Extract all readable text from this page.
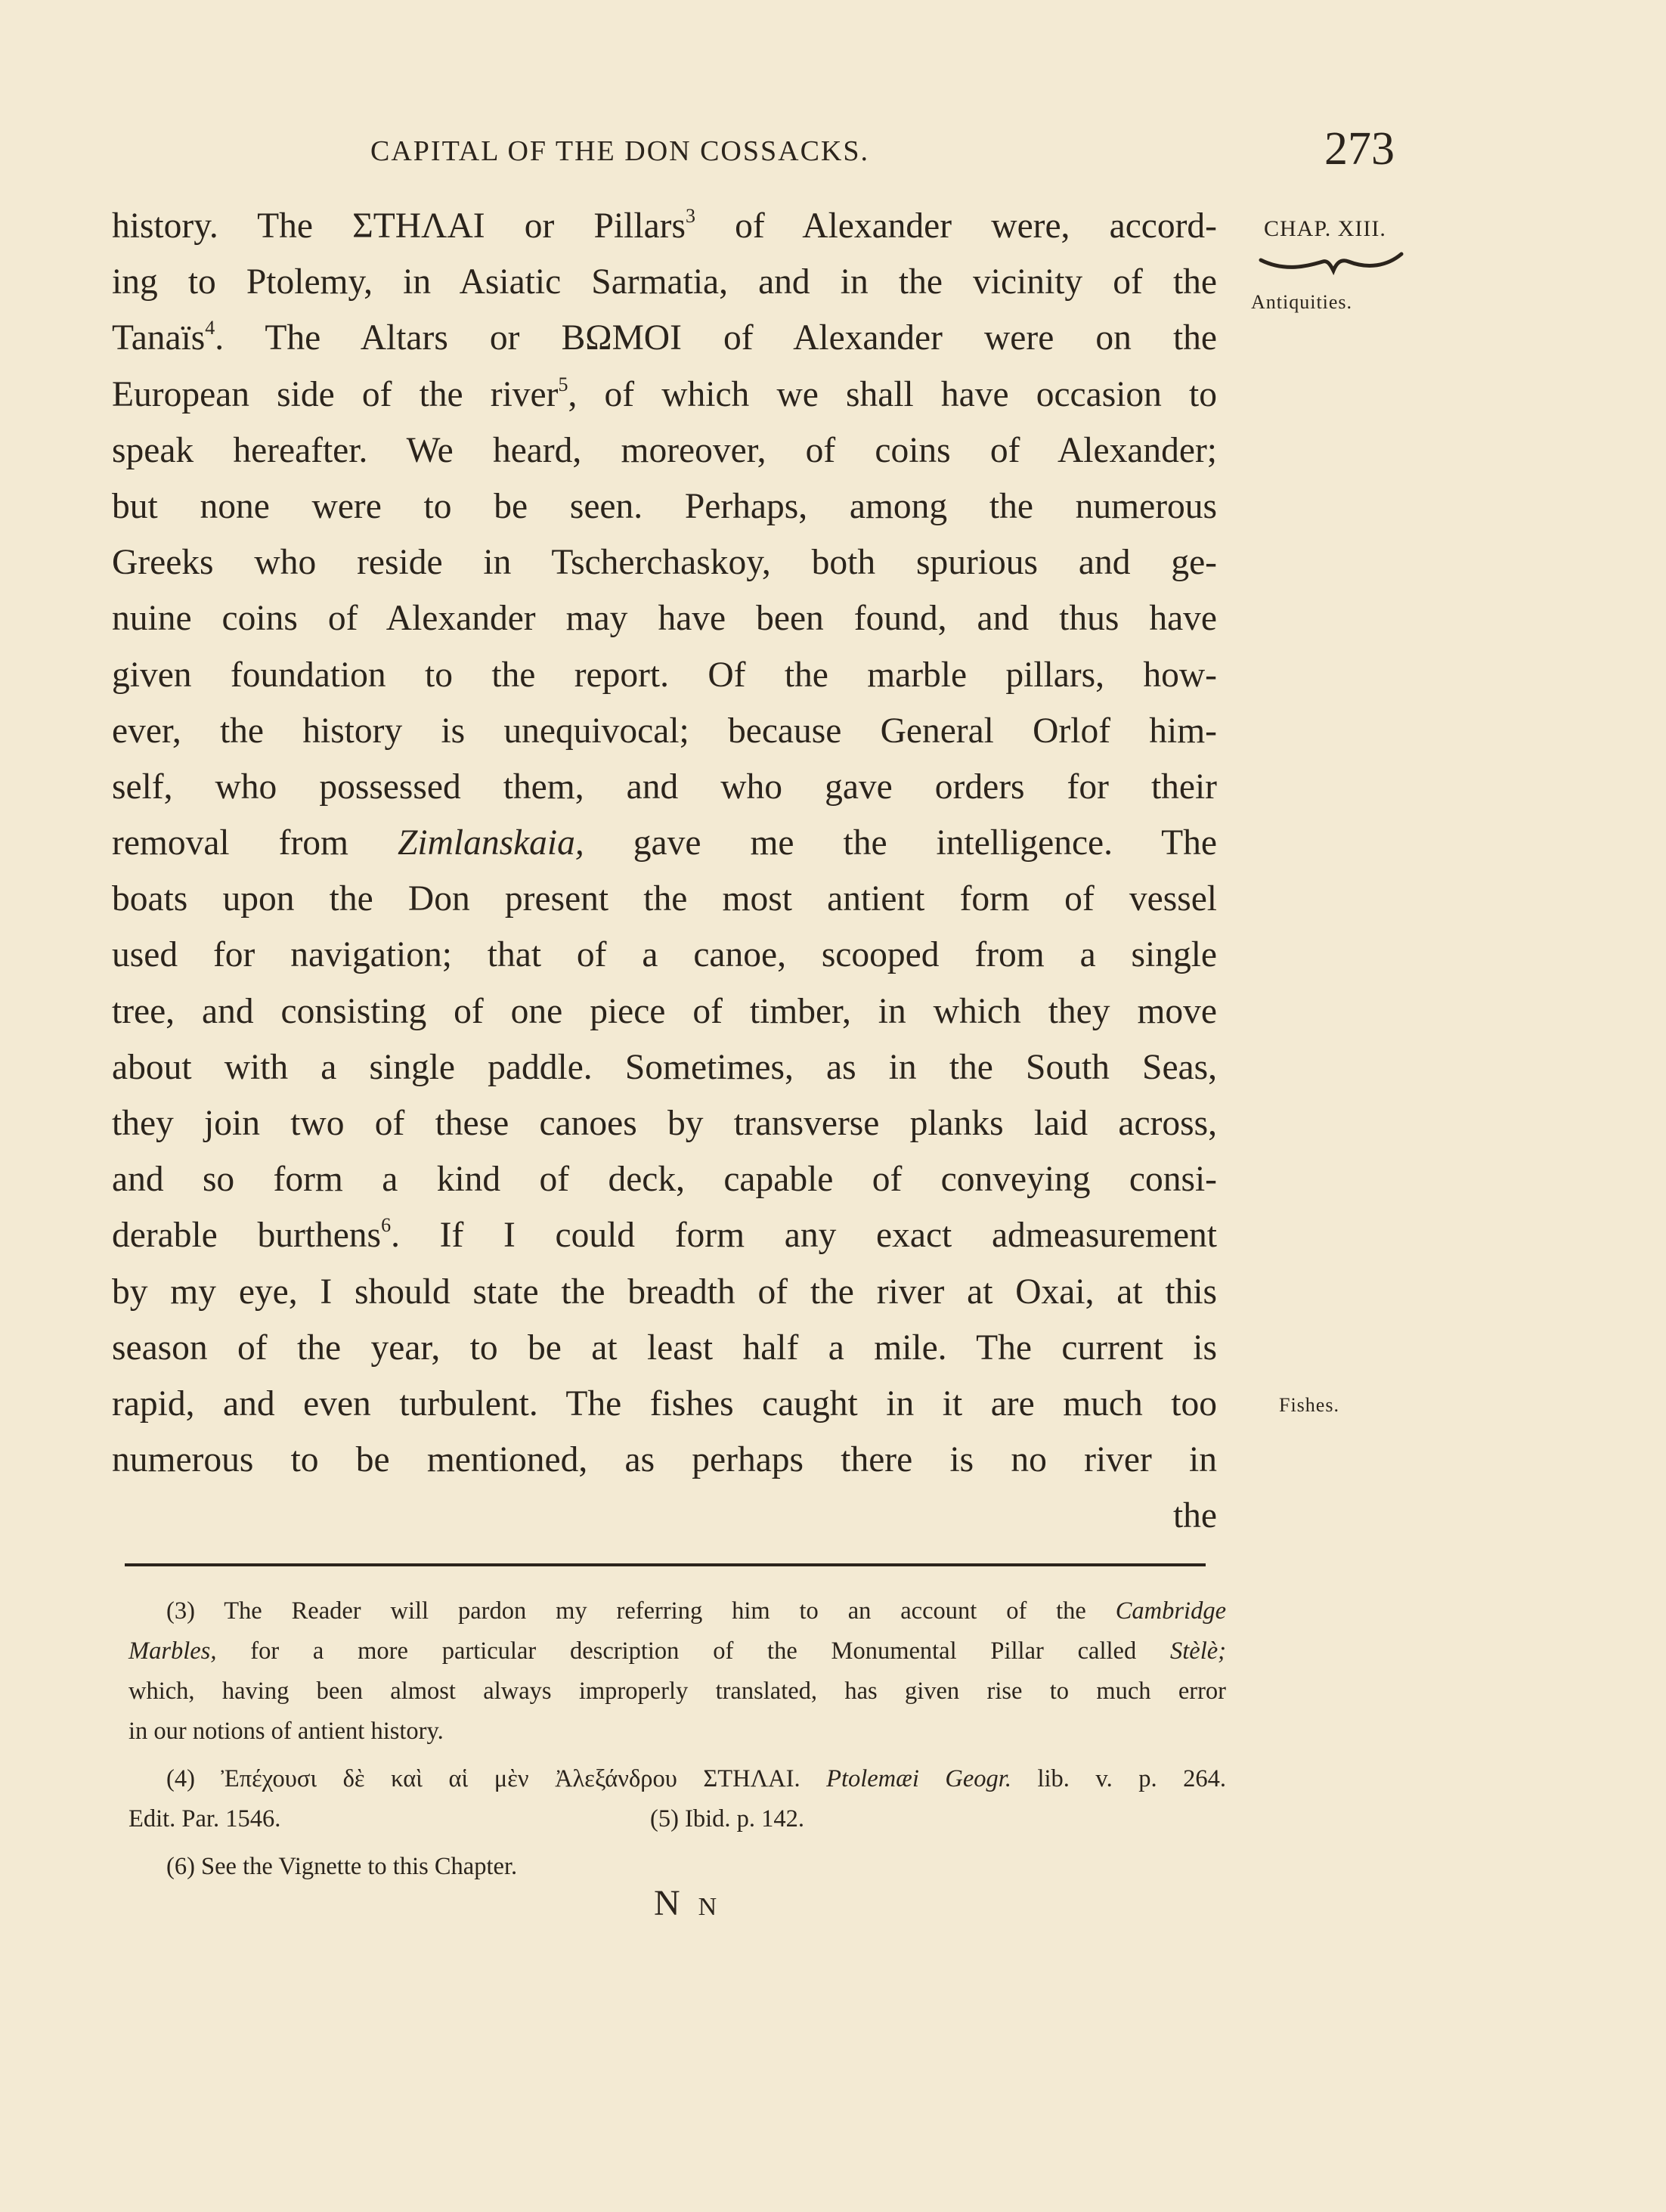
CAPITAL OF THE DON COSSACKS.	273
CHAP. XIII.
Antiquities.
Fishes.
history. The ΣΤΗΛΑΙ or Pillars$^3$ of Alexander were, accord-
ing to Ptolemy, in Asiatic Sarmatia, and in the vicinity of the
Tanaïs$^4$. The Altars or ΒΩΜΟΙ of Alexander were on the
European side of the river$^5$, of which we shall have occasion to
speak hereafter. We heard, moreover, of coins of Alexander;
but none were to be seen. Perhaps, among the numerous
Greeks who reside in Tscherchaskoy, both spurious and ge-
nuine coins of Alexander may have been found, and thus have
given foundation to the report. Of the marble pillars, how-
ever, the history is unequivocal; because General Orlof him-
self, who possessed them, and who gave orders for their
removal from Zimlanskaia, gave me the intelligence. The
boats upon the Don present the most antient form of vessel
used for navigation; that of a canoe, scooped from a single
tree, and consisting of one piece of timber, in which they move
about with a single paddle. Sometimes, as in the South Seas,
they join two of these canoes by transverse planks laid across,
and so form a kind of deck, capable of conveying consi-
derable burthens$^6$. If I could form any exact admeasurement
by my eye, I should state the breadth of the river at Oxai, at this
season of the year, to be at least half a mile. The current is
rapid, and even turbulent. The fishes caught in it are much too
numerous to be mentioned, as perhaps there is no river in
the
(3) The Reader will pardon my referring him to an account of the Cambridge
Marbles, for a more particular description of the Monumental Pillar called Stèlè;
which, having been almost always improperly translated, has given rise to much error
in our notions of antient history.
(4) Ἐπέχουσι δὲ καὶ αἱ μὲν Ἀλεξάνδρου ΣΤΗΛΑΙ. Ptolemæi Geogr. lib. v. p. 264.
Edit. Par. 1546.	(5) Ibid. p. 142.
(6) See the Vignette to this Chapter.
N N
